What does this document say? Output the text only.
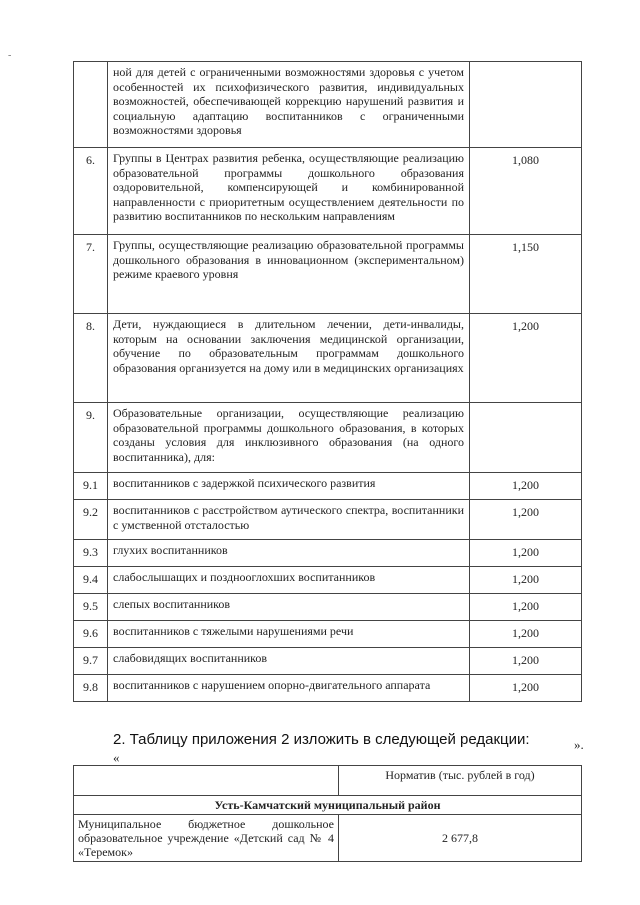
-
	ной для детей с ограниченными возможностями здоровья с учетом особенностей их психофизического развития, индивидуальных возможностей, обеспечивающей коррекцию нарушений развития и социальную адаптацию воспитанников с ограниченными возможностями здоровья	
6.	Группы в Центрах развития ребенка, осуществляющие реализацию образовательной программы дошкольного образования оздоровительной, компенсирующей и комбинированной направленности с приоритетным осуществлением деятельности по развитию воспитанников по нескольким направлениям	1,080
7.	Группы, осуществляющие реализацию образовательной программы дошкольного образования в инновационном (экспериментальном) режиме краевого уровня	1,150
8.	Дети, нуждающиеся в длительном лечении, дети-инвалиды, которым на основании заключения медицинской организации, обучение по образовательным программам дошкольного образования организуется на дому или в медицинских организациях	1,200
9.	Образовательные организации, осуществляющие реализацию образовательной программы дошкольного образования, в которых созданы условия для инклюзивного образования (на одного воспитанника), для:	
9.1	воспитанников с задержкой психического развития	1,200
9.2	воспитанников с расстройством аутического спектра, воспитанники с умственной отсталостью	1,200
9.3	глухих воспитанников	1,200
9.4	слабослышащих и позднооглохших воспитанников	1,200
9.5	слепых воспитанников	1,200
9.6	воспитанников с тяжелыми нарушениями речи	1,200
9.7	слабовидящих воспитанников	1,200
9.8	воспитанников с нарушением опорно-двигательного аппарата	1,200
».
2. Таблицу приложения 2 изложить в следующей редакции:
«
	Норматив (тыс. рублей в год)
Усть-Камчатский муниципальный район	
Муниципальное бюджетное дошкольное образовательное учреждение «Детский сад № 4 «Теремок»	2 677,8
